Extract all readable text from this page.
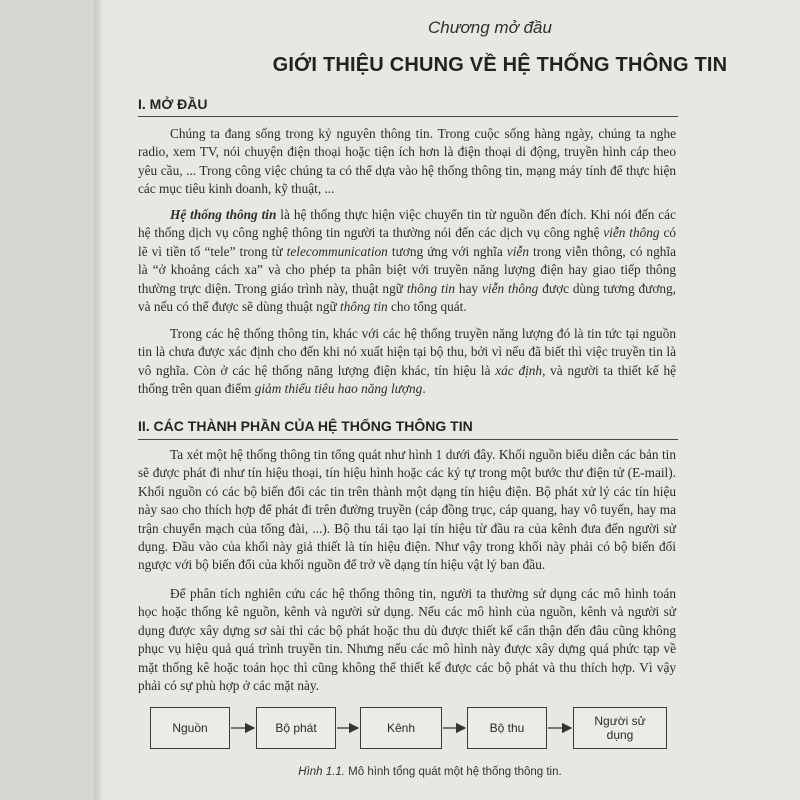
Chương mở đầu
GIỚI THIỆU CHUNG VỀ HỆ THỐNG THÔNG TIN
I. MỞ ĐẦU
Chúng ta đang sống trong kỷ nguyên thông tin. Trong cuộc sống hàng ngày, chúng ta nghe radio, xem TV, nói chuyện điện thoại hoặc tiện ích hơn là điện thoại di động, truyền hình cáp theo yêu cầu, ... Trong công việc chúng ta có thể dựa vào hệ thống thông tin, mạng máy tính để thực hiện các mục tiêu kinh doanh, kỹ thuật, ...
Hệ thống thông tin là hệ thống thực hiện việc chuyển tin từ nguồn đến đích. Khi nói đến các hệ thống dịch vụ công nghệ thông tin người ta thường nói đến các dịch vụ công nghệ viễn thông có lẽ vì tiền tố “tele” trong từ telecommunication tương ứng với nghĩa viễn trong viễn thông, có nghĩa là “ở khoảng cách xa” và cho phép ta phân biệt với truyền năng lượng điện hay giao tiếp thông thường trực diện. Trong giáo trình này, thuật ngữ thông tin hay viễn thông được dùng tương đương, và nếu có thể được sẽ dùng thuật ngữ thông tin cho tổng quát.
Trong các hệ thống thông tin, khác với các hệ thống truyền năng lượng đó là tin tức tại nguồn tin là chưa được xác định cho đến khi nó xuất hiện tại bộ thu, bởi vì nếu đã biết thì việc truyền tin là vô nghĩa. Còn ở các hệ thống năng lượng điện khác, tín hiệu là xác định, và người ta thiết kế hệ thống trên quan điểm giảm thiểu tiêu hao năng lượng.
II. CÁC THÀNH PHẦN CỦA HỆ THỐNG THÔNG TIN
Ta xét một hệ thống thông tin tổng quát như hình 1 dưới đây. Khối nguồn biểu diễn các bản tin sẽ được phát đi như tín hiệu thoại, tín hiệu hình hoặc các ký tự trong một bước thư điện tử (E-mail). Khối nguồn có các bộ biến đổi các tin trên thành một dạng tín hiệu điện. Bộ phát xử lý các tín hiệu này sao cho thích hợp để phát đi trên đường truyền (cáp đồng trục, cáp quang, hay vô tuyến, hay ma trận chuyển mạch của tổng đài, ...). Bộ thu tái tạo lại tín hiệu từ đầu ra của kênh đưa đến người sử dụng. Đầu vào của khối này giả thiết là tín hiệu điện. Như vậy trong khối này phải có bộ biến đổi ngược với bộ biến đổi của khối nguồn để trở về dạng tín hiệu vật lý ban đầu.
Để phân tích nghiên cứu các hệ thống thông tin, người ta thường sử dụng các mô hình toán học hoặc thống kê nguồn, kênh và người sử dụng. Nếu các mô hình của nguồn, kênh và người sử dụng được xây dựng sơ sài thì các bộ phát hoặc thu dù được thiết kế cẩn thận đến đâu cũng không phục vụ hiệu quả quá trình truyền tin. Nhưng nếu các mô hình này được xây dựng quá phức tạp về mặt thống kê hoặc toán học thì cũng không thể thiết kế được các bộ phát và thu thích hợp. Vì vậy phải có sự phù hợp ở các mặt này.
Nguồn	Bộ phát	Kênh	Bộ thu	Người sử dụng
Hình 1.1. Mô hình tổng quát một hệ thống thông tin.
